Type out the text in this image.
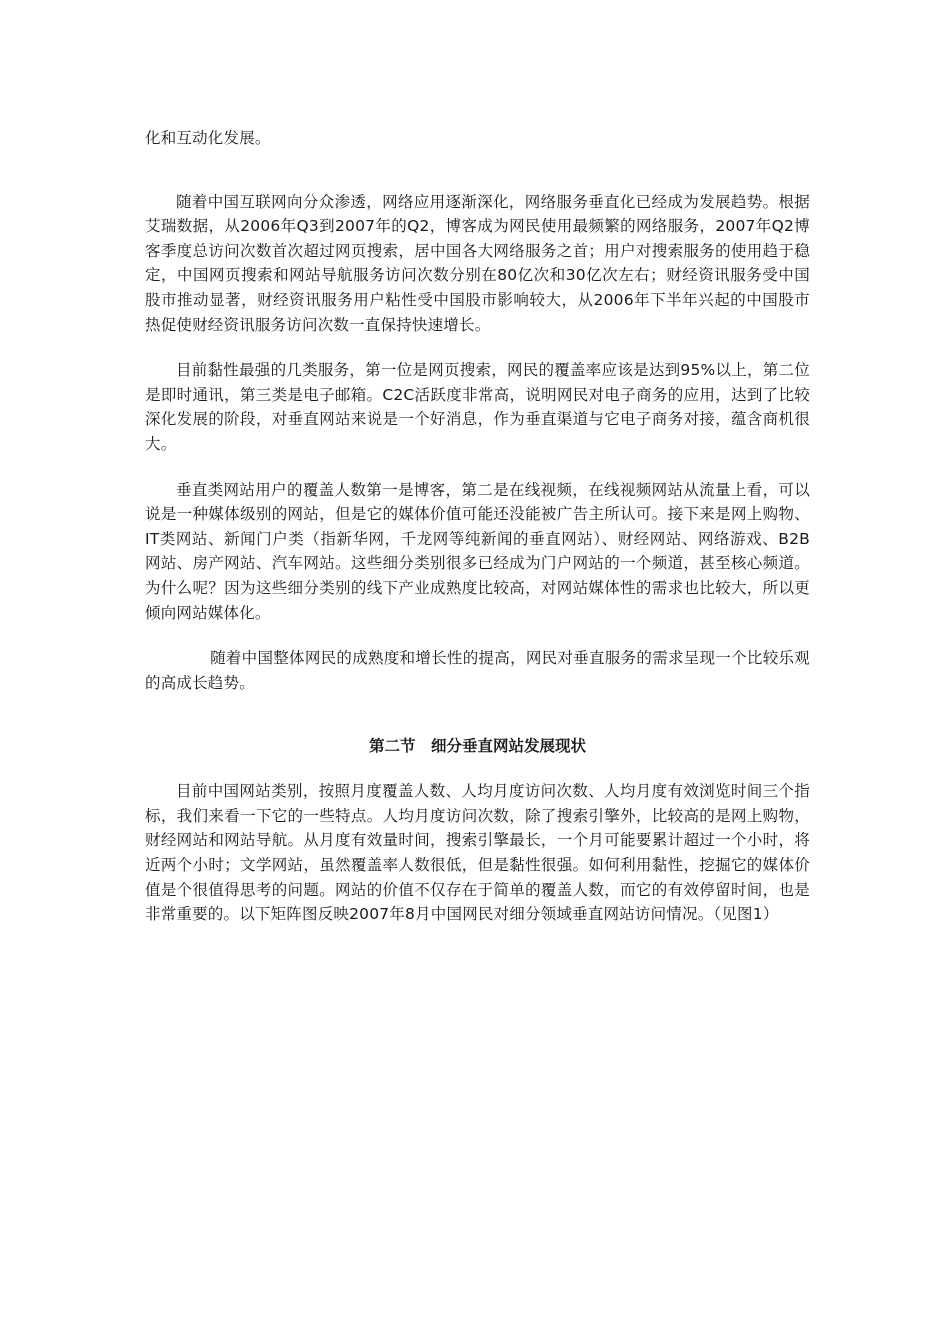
化和互动化发展。

随着中国互联网向分众渗透，网络应用逐渐深化，网络服务垂直化已经成为发展趋势。根据艾瑞数据，从2006年Q3到2007年的Q2，博客成为网民使用最频繁的网络服务，2007年Q2博客季度总访问次数首次超过网页搜索，居中国各大网络服务之首；用户对搜索服务的使用趋于稳定，中国网页搜索和网站导航服务访问次数分别在80亿次和30亿次左右；财经资讯服务受中国股市推动显著，财经资讯服务用户粘性受中国股市影响较大，从2006年下半年兴起的中国股市热促使财经资讯服务访问次数一直保持快速增长。

目前黏性最强的几类服务，第一位是网页搜索，网民的覆盖率应该是达到95%以上，第二位是即时通讯，第三类是电子邮箱。C2C活跃度非常高，说明网民对电子商务的应用，达到了比较深化发展的阶段，对垂直网站来说是一个好消息，作为垂直渠道与它电子商务对接，蕴含商机很大。

垂直类网站用户的覆盖人数第一是博客，第二是在线视频，在线视频网站从流量上看，可以说是一种媒体级别的网站，但是它的媒体价值可能还没能被广告主所认可。接下来是网上购物、IT类网站、新闻门户类（指新华网，千龙网等纯新闻的垂直网站）、财经网站、网络游戏、B2B网站、房产网站、汽车网站。这些细分类别很多已经成为门户网站的一个频道，甚至核心频道。为什么呢？因为这些细分类别的线下产业成熟度比较高，对网站媒体性的需求也比较大，所以更倾向网站媒体化。

随着中国整体网民的成熟度和增长性的提高，网民对垂直服务的需求呈现一个比较乐观的高成长趋势。

第二节　细分垂直网站发展现状

目前中国网站类别，按照月度覆盖人数、人均月度访问次数、人均月度有效浏览时间三个指标，我们来看一下它的一些特点。人均月度访问次数，除了搜索引擎外，比较高的是网上购物，财经网站和网站导航。从月度有效量时间，搜索引擎最长，一个月可能要累计超过一个小时，将近两个小时；文学网站，虽然覆盖率人数很低，但是黏性很强。如何利用黏性，挖掘它的媒体价值是个很值得思考的问题。网站的价值不仅存在于简单的覆盖人数，而它的有效停留时间，也是非常重要的。以下矩阵图反映2007年8月中国网民对细分领域垂直网站访问情况。（见图1）
